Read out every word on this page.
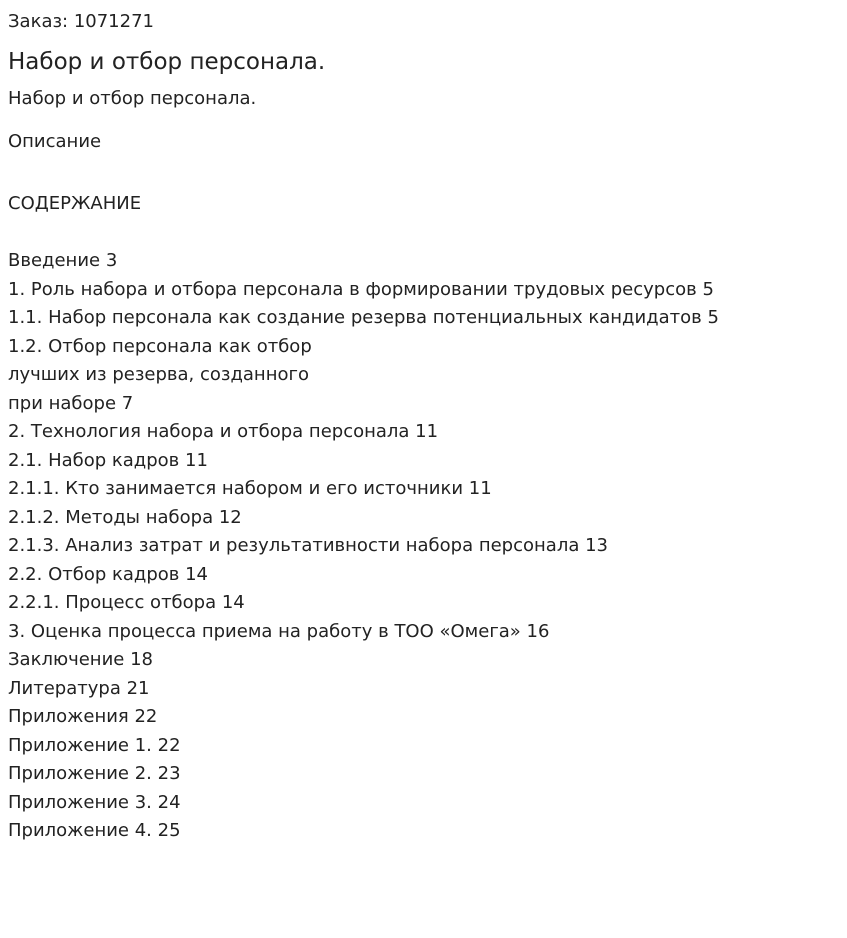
Заказ: 1071271
Набор и отбор персонала.
Набор и отбор персонала.
Описание
СОДЕРЖАНИЕ
Введение 3
1. Роль набора и отбора персонала в формировании трудовых ресурсов 5
1.1. Набор персонала как создание резерва потенциальных кандидатов 5
1.2. Отбор персонала как отбор
лучших из резерва, созданного
при наборе 7
2. Технология набора и отбора персонала 11
2.1. Набор кадров 11
2.1.1. Кто занимается набором и его источники 11
2.1.2. Методы набора 12
2.1.3. Анализ затрат и результативности набора персонала 13
2.2. Отбор кадров 14
2.2.1. Процесс отбора 14
3. Оценка процесса приема на работу в ТОО «Омега» 16
Заключение 18
Литература 21
Приложения 22
Приложение 1. 22
Приложение 2. 23
Приложение 3. 24
Приложение 4. 25
